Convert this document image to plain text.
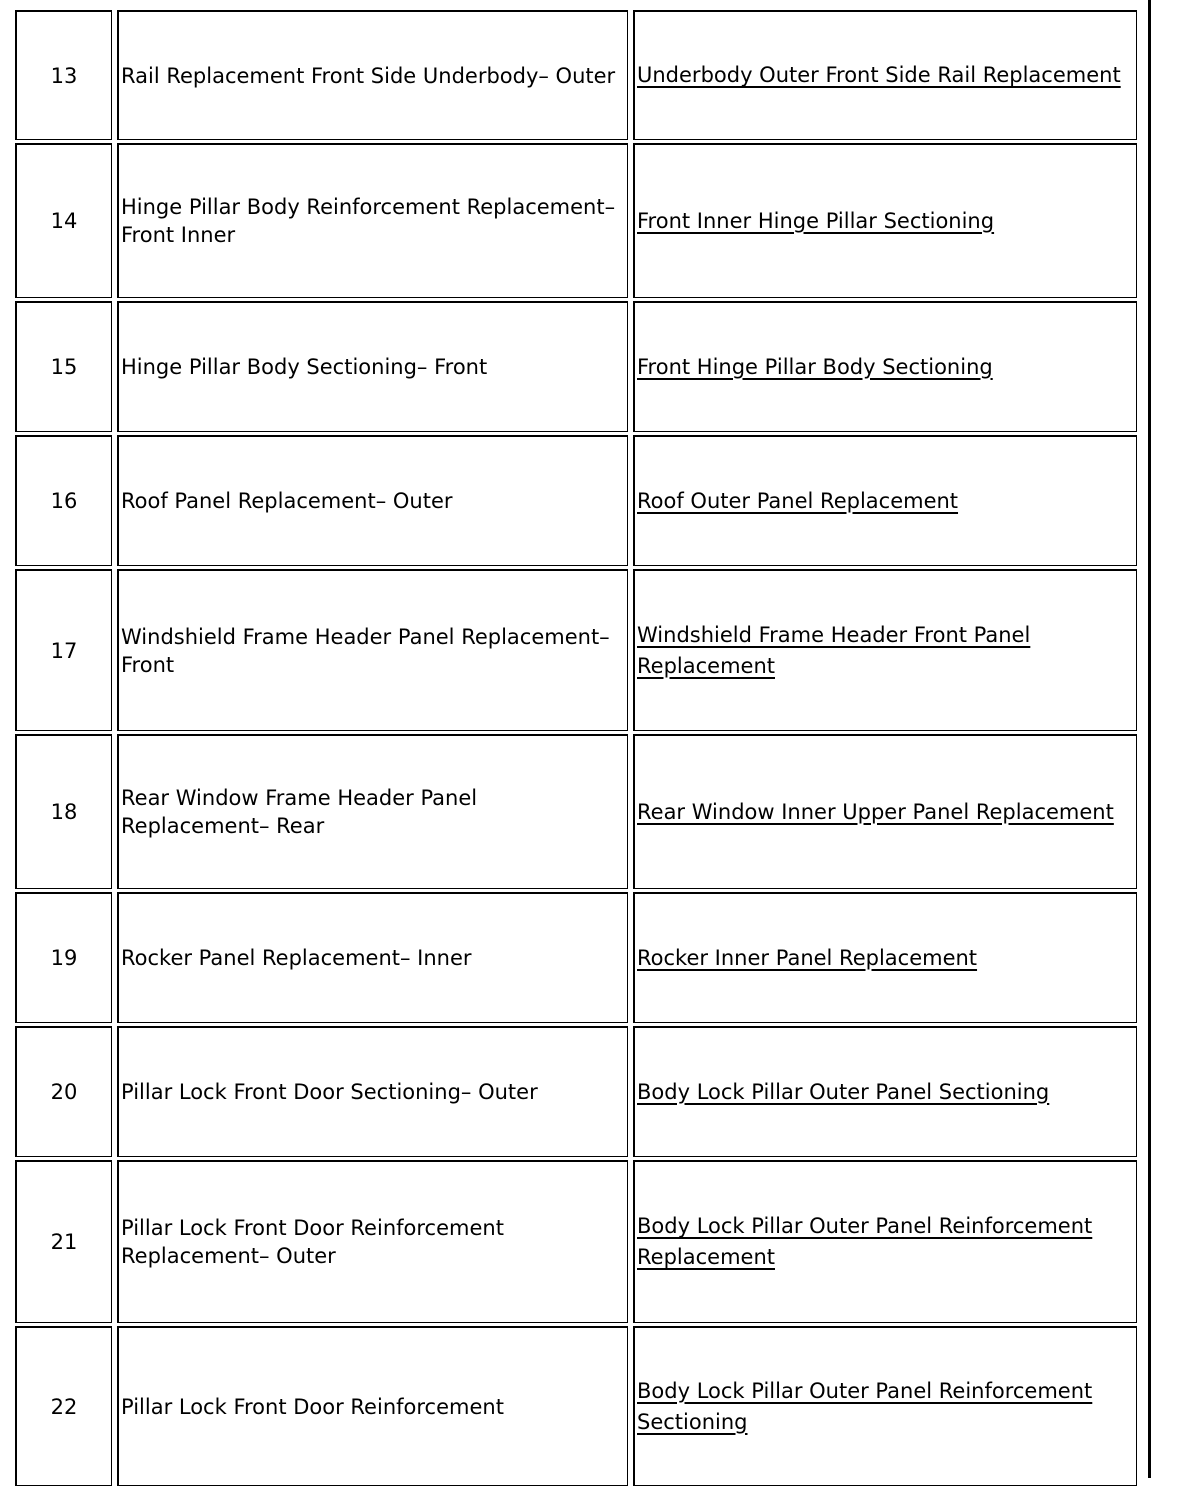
13	Rail Replacement Front Side Underbody– Outer	Underbody Outer Front Side Rail Replacement
14	Hinge Pillar Body Reinforcement Replacement– Front Inner	Front Inner Hinge Pillar Sectioning
15	Hinge Pillar Body Sectioning– Front	Front Hinge Pillar Body Sectioning
16	Roof Panel Replacement– Outer	Roof Outer Panel Replacement
17	Windshield Frame Header Panel Replacement– Front	Windshield Frame Header Front Panel Replacement
18	Rear Window Frame Header Panel Replacement– Rear	Rear Window Inner Upper Panel Replacement
19	Rocker Panel Replacement– Inner	Rocker Inner Panel Replacement
20	Pillar Lock Front Door Sectioning– Outer	Body Lock Pillar Outer Panel Sectioning
21	Pillar Lock Front Door Reinforcement Replacement– Outer	Body Lock Pillar Outer Panel Reinforcement Replacement
22	Pillar Lock Front Door Reinforcement	Body Lock Pillar Outer Panel Reinforcement Sectioning
